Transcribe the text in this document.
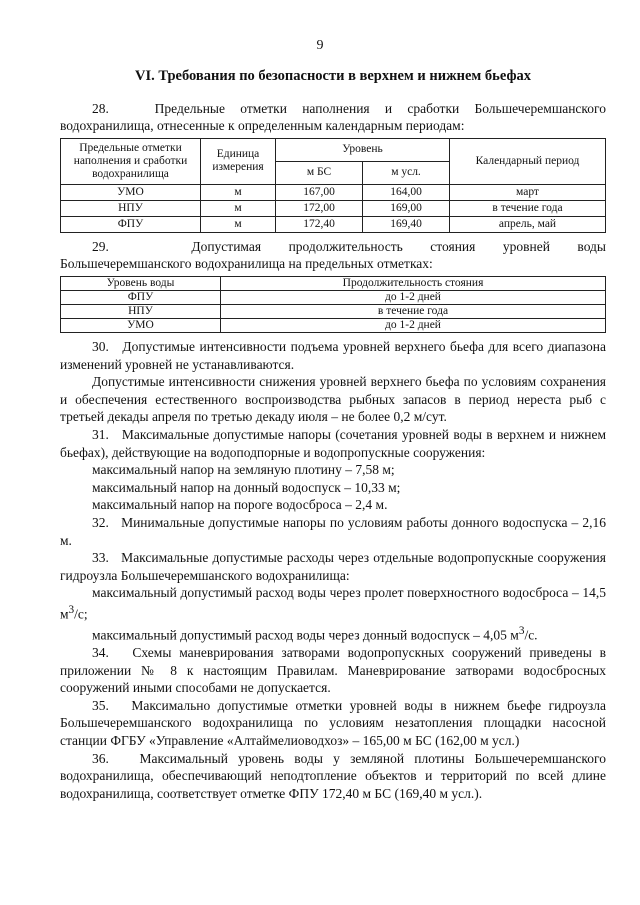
9
VI. Требования по безопасности в верхнем и нижнем бьефах

28.   Предельные отметки наполнения и сработки Большечеремшанского водохранилища, отнесенные к определенным календарным периодам:

Предельные отметки наполнения и сработки водохранилища	Единица измерения	Уровень		Календарный период
		м БС	м усл.	
УМО	м	167,00	164,00	март
НПУ	м	172,00	169,00	в течение года
ФПУ	м	172,40	169,40	апрель, май

29.   Допустимая продолжительность стояния уровней воды

Большечеремшанского водохранилища на предельных отметках:

Уровень воды	Продолжительность стояния
ФПУ	до 1-2 дней
НПУ	в течение года
УМО	до 1-2 дней

30.   Допустимые интенсивности подъема уровней верхнего бьефа для всего диапазона изменений уровней не устанавливаются.

Допустимые интенсивности снижения уровней верхнего бьефа по условиям сохранения и обеспечения естественного воспроизводства рыбных запасов в период нереста рыб с третьей декады апреля по третью декаду июля – не более 0,2 м/сут.

31.   Максимальные допустимые напоры (сочетания уровней воды в верхнем и нижнем бьефах), действующие на водоподпорные и водопропускные сооружения:

максимальный напор на земляную плотину – 7,58 м;

максимальный напор на донный водоспуск – 10,33 м;

максимальный напор на пороге водосброса – 2,4 м.

32.   Минимальные допустимые напоры по условиям работы донного водоспуска – 2,16 м.

33.   Максимальные допустимые расходы через отдельные водопропускные сооружения гидроузла Большечеремшанского водохранилища:

максимальный допустимый расход воды через пролет поверхностного водосброса – 14,5 $м^3/с$;

максимальный допустимый расход воды через донный водоспуск – 4,05 $м^3/с$.

34.   Схемы маневрирования затворами водопропускных сооружений приведены в приложении № 8 к настоящим Правилам. Маневрирование затворами водосбросных сооружений иными способами не допускается.

35.   Максимально допустимые отметки уровней воды в нижнем бьефе гидроузла Большечеремшанского водохранилища по условиям незатопления площадки насосной станции ФГБУ «Управление «Алтаймелиоводхоз» – 165,00 м БС (162,00 м усл.)

36.   Максимальный уровень воды у земляной плотины Большечеремшанского водохранилища, обеспечивающий неподтопление объектов и территорий по всей длине водохранилища, соответствует отметке ФПУ 172,40 м БС (169,40 м усл.).
